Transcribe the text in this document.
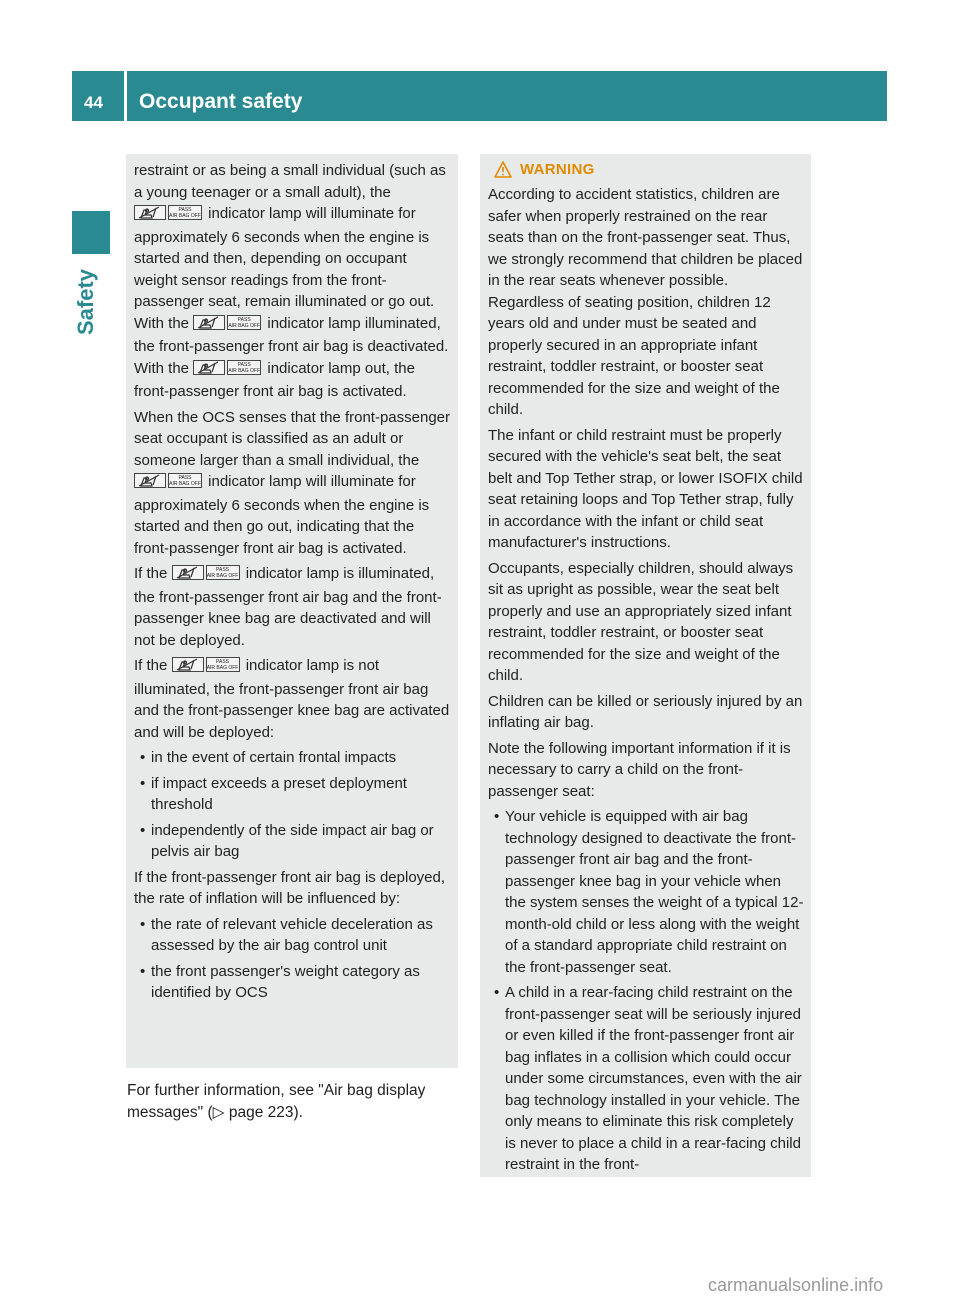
44 Occupant safety
Safety

restraint or as being a small individual (such as a young teenager or a small adult), the
PASS
AIR BAG OFF indicator lamp will illuminate for approximately 6 seconds when the engine is started and then, depending on occupant weight sensor readings from the front-passenger seat, remain illuminated or go out. With the	PASS
AIR BAG OFF indicator lamp illuminated, the front-passenger front air bag is deactivated. With the	PASS
AIR BAG OFF indicator lamp out, the front-passenger front air bag is activated.

When the OCS senses that the front-passenger seat occupant is classified as an adult or someone larger than a small individual, the
PASS
AIR BAG OFF indicator lamp will illuminate for approximately 6 seconds when the engine is started and then go out, indicating that the front-passenger front air bag is activated.

If the	PASS
AIR BAG OFF indicator lamp is illuminated, the front-passenger front air bag and the front-passenger knee bag are deactivated and will not be deployed.

If the	PASS
AIR BAG OFF indicator lamp is not illuminated, the front-passenger front air bag and the front-passenger knee bag are activated and will be deployed:

• in the event of certain frontal impacts
• if impact exceeds a preset deployment threshold
• independently of the side impact air bag or pelvis air bag

If the front-passenger front air bag is deployed, the rate of inflation will be influenced by:

• the rate of relevant vehicle deceleration as assessed by the air bag control unit
• the front passenger's weight category as identified by OCS
For further information, see "Air bag display messages" (▷ page 223).
WARNING

According to accident statistics, children are safer when properly restrained on the rear seats than on the front-passenger seat. Thus, we strongly recommend that children be placed in the rear seats whenever possible. Regardless of seating position, children 12 years old and under must be seated and properly secured in an appropriate infant restraint, toddler restraint, or booster seat recommended for the size and weight of the child.

The infant or child restraint must be properly secured with the vehicle's seat belt, the seat belt and Top Tether strap, or lower ISOFIX child seat retaining loops and Top Tether strap, fully in accordance with the infant or child seat manufacturer's instructions.

Occupants, especially children, should always sit as upright as possible, wear the seat belt properly and use an appropriately sized infant restraint, toddler restraint, or booster seat recommended for the size and weight of the child.

Children can be killed or seriously injured by an inflating air bag.

Note the following important information if it is necessary to carry a child on the front-passenger seat:

• Your vehicle is equipped with air bag technology designed to deactivate the front-passenger front air bag and the front-passenger knee bag in your vehicle when the system senses the weight of a typical 12-month-old child or less along with the weight of a standard appropriate child restraint on the front-passenger seat.
• A child in a rear-facing child restraint on the front-passenger seat will be seriously injured or even killed if the front-passenger front air bag inflates in a collision which could occur under some circumstances, even with the air bag technology installed in your vehicle. The only means to eliminate this risk completely is never to place a child in a rear-facing child restraint in the front-
carmanualsonline.info
